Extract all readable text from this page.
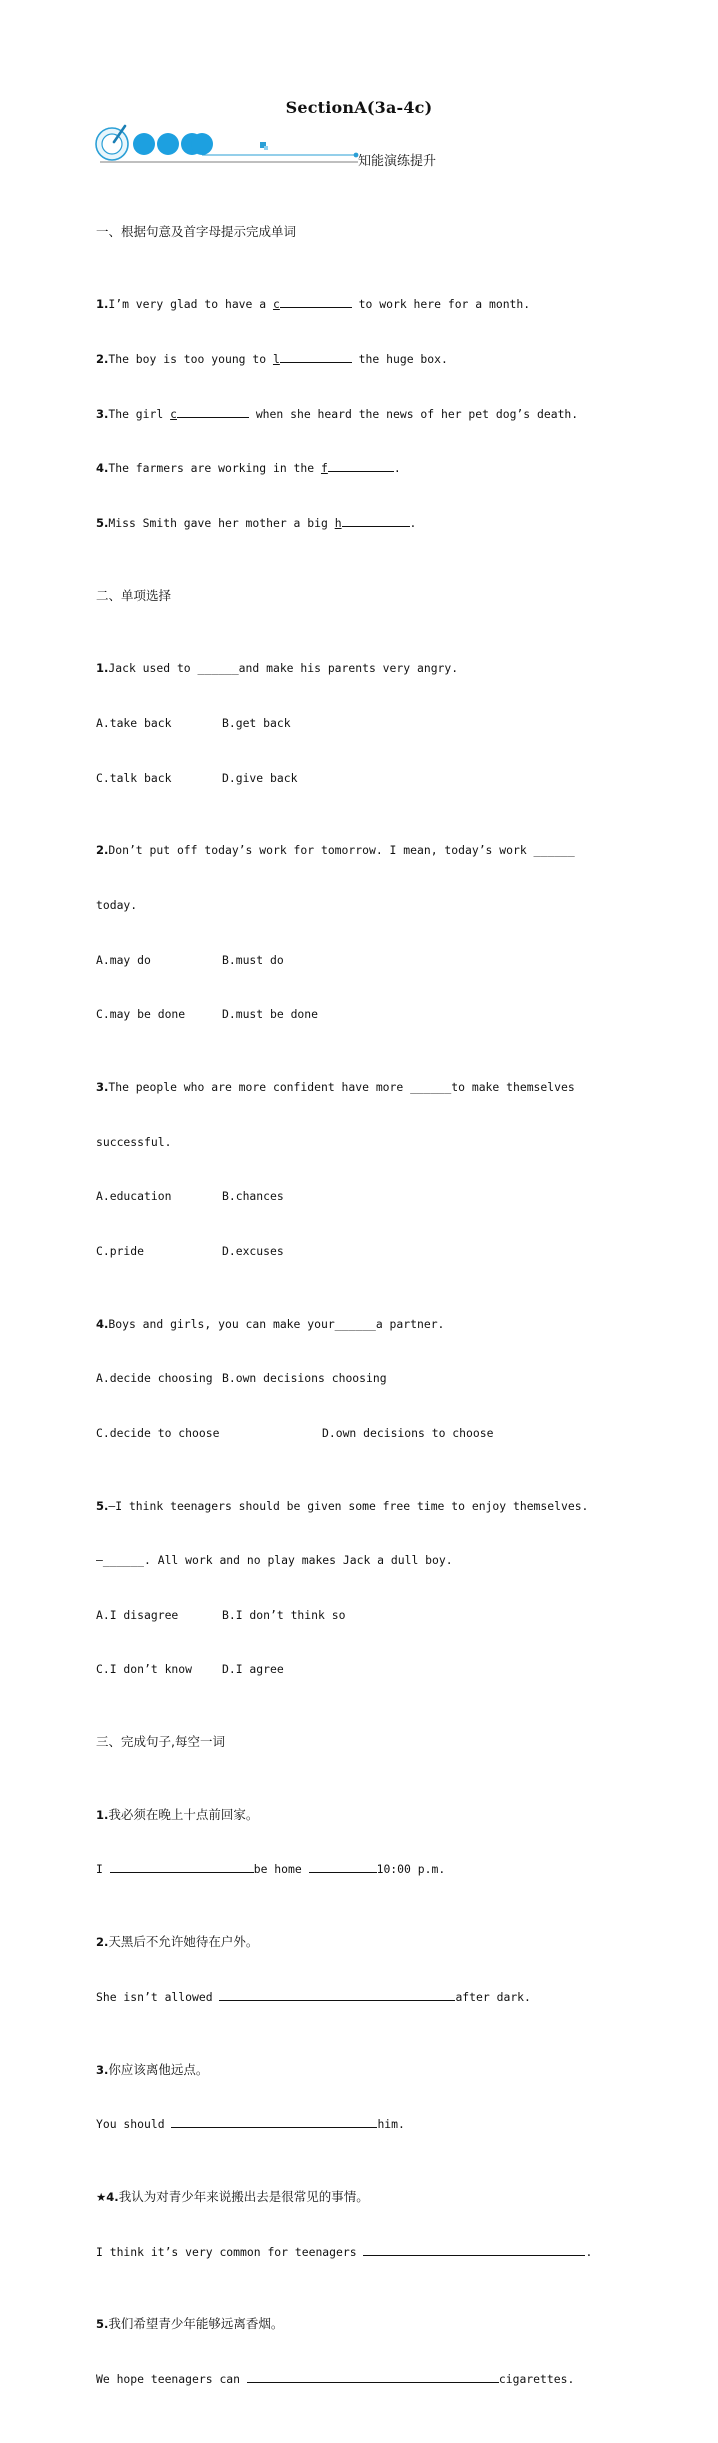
SectionA(3a-4c)
知能演练提升

一、根据句意及首字母提示完成单词

1.I’m very glad to have a c	to work here for a month.

2.The boy is too young to l	the huge box.

3.The girl c	when she heard the news of her pet dog’s death.

4.The farmers are working in the f	.

5.Miss Smith gave her mother a big h	.

二、单项选择

1.Jack used to ______and make his parents very angry.

A.take back	B.get back

C.talk back	D.give back

2.Don’t put off today’s work for tomorrow. I mean, today’s work ______

today.

A.may do	B.must do

C.may be done	D.must be done

3.The people who are more confident have more ______to make themselves

successful.

A.education	B.chances

C.pride	D.excuses

4.Boys and girls, you can make your______a partner.

A.decide choosing B.own decisions choosing

C.decide to choose	D.own decisions to choose

5.—I think teenagers should be given some free time to enjoy themselves.

—______. All work and no play makes Jack a dull boy.

A.I disagree	B.I don’t think so

C.I don’t know	D.I agree

三、完成句子,每空一词

1.我必须在晚上十点前回家。

I	be home	10:00 p.m.

2.天黑后不允许她待在户外。

She isn’t allowed	after dark.

3.你应该离他远点。

You should	him.

★4.我认为对青少年来说搬出去是很常见的事情。

I think it’s very common for teenagers	.

5.我们希望青少年能够远离香烟。

We hope teenagers can	cigarettes.
